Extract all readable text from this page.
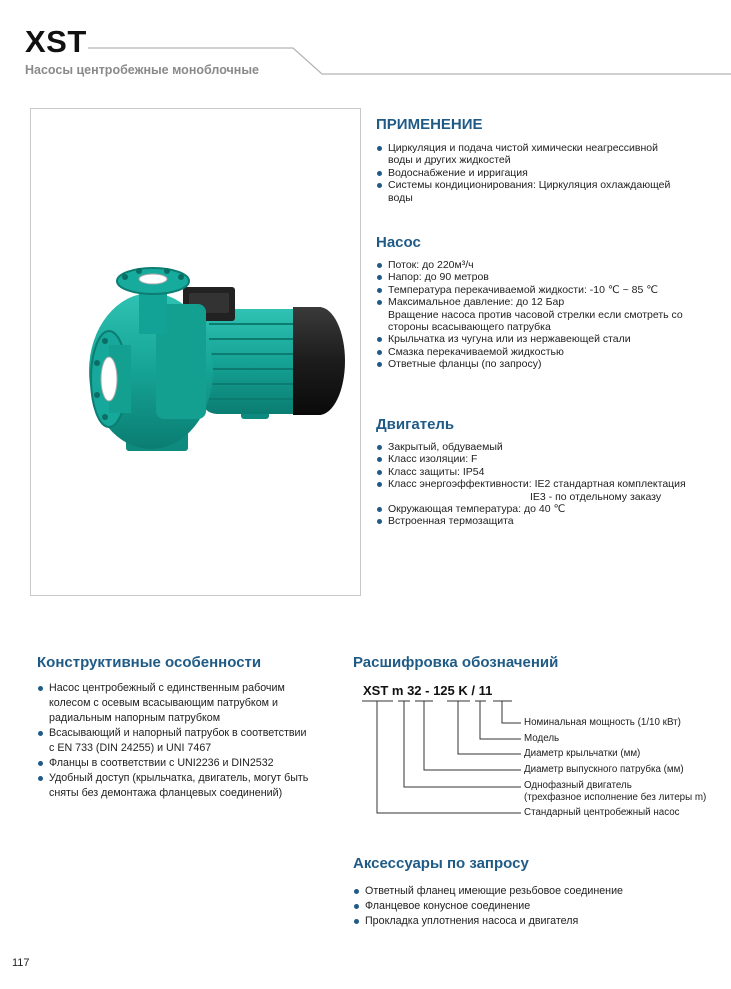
XST
Насосы центробежные моноблочные
ПРИМЕНЕНИЕ
Циркуляция и подача чистой химически неагрессивной
воды и других жидкостей
Водоснабжение и ирригация
Системы кондиционирования: Циркуляция охлаждающей
воды
Насос
Поток: до 220м³/ч
Напор: до 90 метров
Температура перекачиваемой жидкости: -10 ℃ ~ 85 ℃
Максимальное давление: до 12 Бар
Вращение насоса против часовой стрелки если смотреть со
стороны всасывающего патрубка
Крыльчатка из чугуна или из нержавеющей стали
Смазка перекачиваемой жидкостью
Ответные фланцы (по запросу)
Двигатель
Закрытый, обдуваемый
Класс изоляции: F
Класс защиты: IP54
Класс энергоэффективности: IE2 стандартная комплектация
IE3 - по отдельному заказу
Окружающая температура: до 40 ℃
Встроенная термозащита
Конструктивные особенности
Насос центробежный с единственным рабочим
колесом с осевым всасывающим патрубком и
радиальным напорным патрубком
Всасывающий и напорный патрубок в соответствии
с EN 733 (DIN 24255) и UNI 7467
Фланцы в соответствии с UNI2236 и DIN2532
Удобный доступ (крыльчатка, двигатель, могут быть
сняты без демонтажа фланцевых соединений)
Расшифровка обозначений
XST m 32 - 125 K / 11
Номинальная мощность (1/10 кВт)
Модель
Диаметр крыльчатки (мм)
Диаметр выпускного патрубка (мм)
Однофазный двигатель
(трехфазное исполнение без литеры m)
Стандарный центробежный насос
Аксессуары по запросу
Ответный фланец имеющие резьбовое соединение
Фланцевое конусное соединение
Прокладка уплотнения насоса и двигателя
117
